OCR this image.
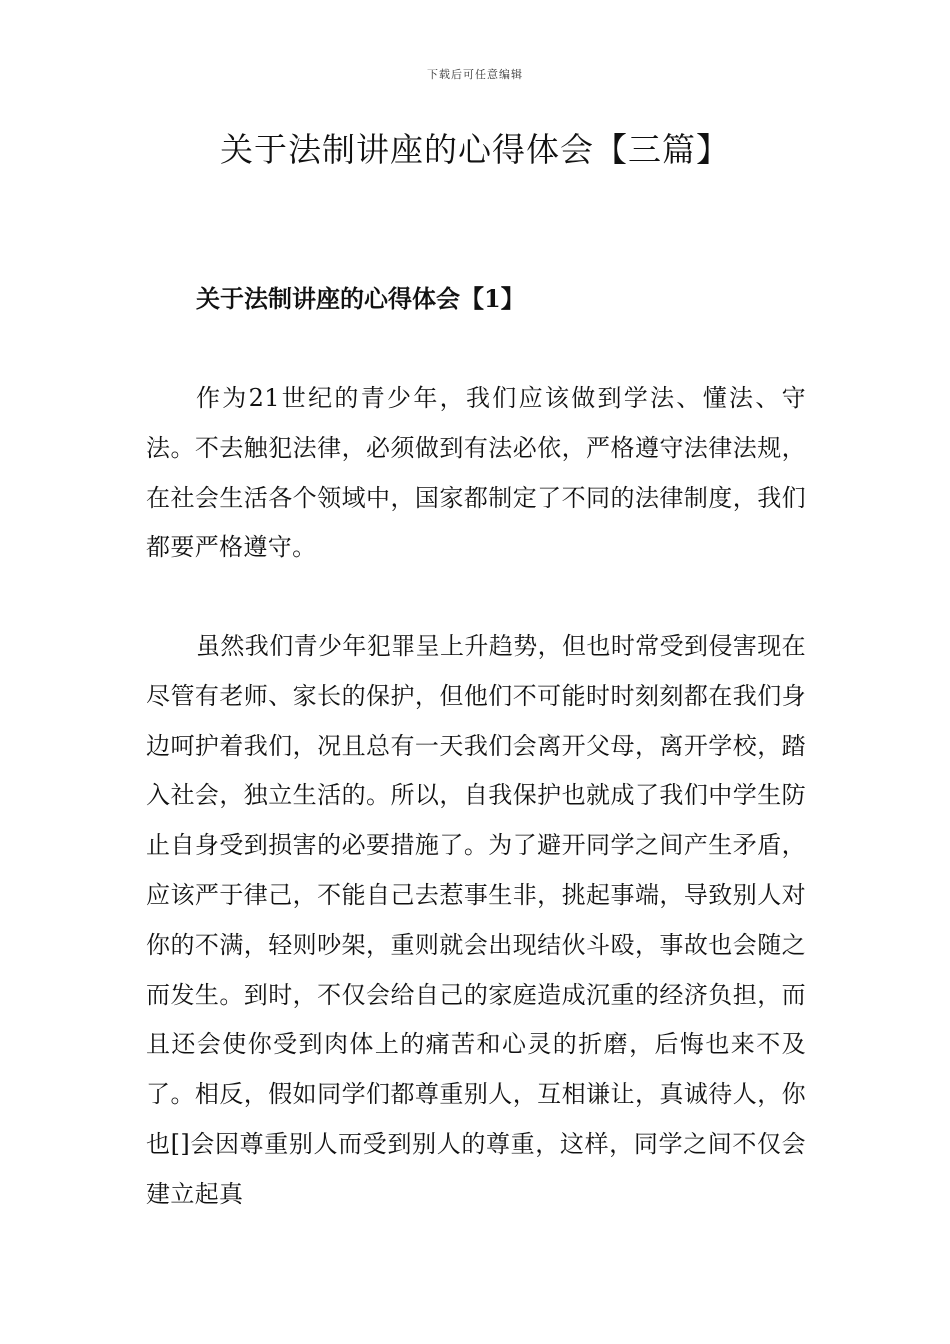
下载后可任意编辑
关于法制讲座的心得体会【三篇】
关于法制讲座的心得体会【1】

作为21世纪的青少年，我们应该做到学法、懂法、守法。不去触犯法律，必须做到有法必依，严格遵守法律法规，在社会生活各个领域中，国家都制定了不同的法律制度，我们都要严格遵守。

虽然我们青少年犯罪呈上升趋势，但也时常受到侵害现在尽管有老师、家长的保护，但他们不可能时时刻刻都在我们身边呵护着我们，况且总有一天我们会离开父母，离开学校，踏入社会，独立生活的。所以，自我保护也就成了我们中学生防止自身受到损害的必要措施了。为了避开同学之间产生矛盾，应该严于律己，不能自己去惹事生非，挑起事端，导致别人对你的不满，轻则吵架，重则就会出现结伙斗殴，事故也会随之而发生。到时，不仅会给自己的家庭造成沉重的经济负担，而且还会使你受到肉体上的痛苦和心灵的折磨，后悔也来不及了。相反，假如同学们都尊重别人，互相谦让，真诚待人，你也[]会因尊重别人而受到别人的尊重，这样，同学之间不仅会建立起真
